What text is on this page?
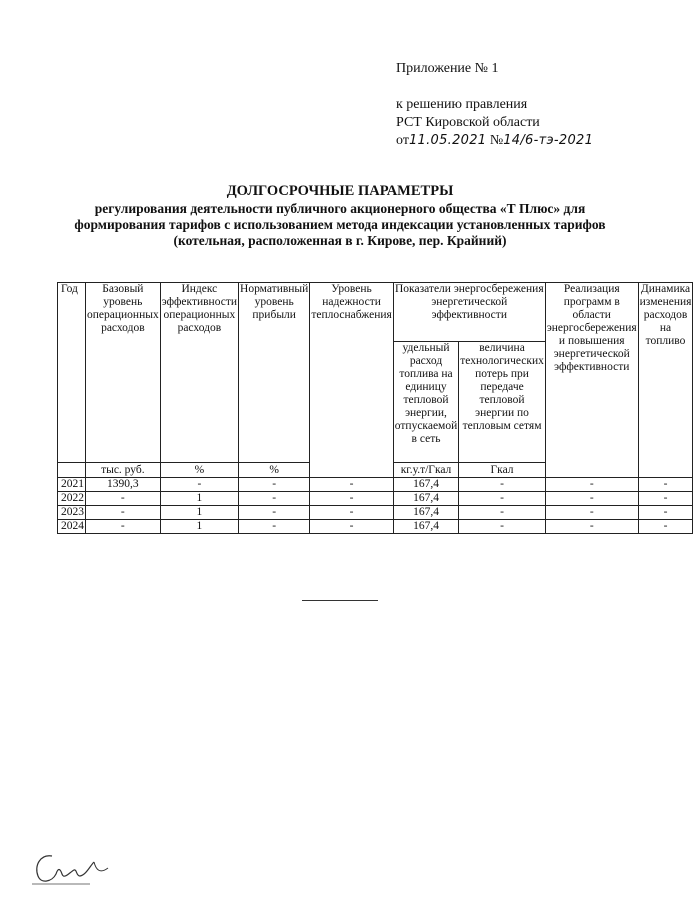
Приложение № 1
к решению правления
РСТ Кировской области
от11.05.2021 №14/6-тэ-2021
ДОЛГОСРОЧНЫЕ ПАРАМЕТРЫ
регулирования деятельности публичного акционерного общества «Т Плюс» для формирования тарифов с использованием метода индексации установленных тарифов (котельная, расположенная в г. Кирове, пер. Крайний)
Год	Базовый уровень операционных расходов	Индекс эффективности операционных расходов	Нормативный уровень прибыли	Уровень надежности теплоснабжения	Показатели энергосбережения энергетической эффективности		Реализация программ в области энергосбережения и повышения энергетической эффективности	Динамика изменения расходов на топливо
					удельный расход топлива на единицу тепловой энергии, отпускаемой в сеть	величина технологических потерь при передаче тепловой энергии по тепловым сетям		
	тыс. руб.	%	%		кг.у.т/Гкал	Гкал		
2021	1390,3	-	-	-	167,4	-	-	-
2022	-	1	-	-	167,4	-	-	-
2023	-	1	-	-	167,4	-	-	-
2024	-	1	-	-	167,4	-	-	-
